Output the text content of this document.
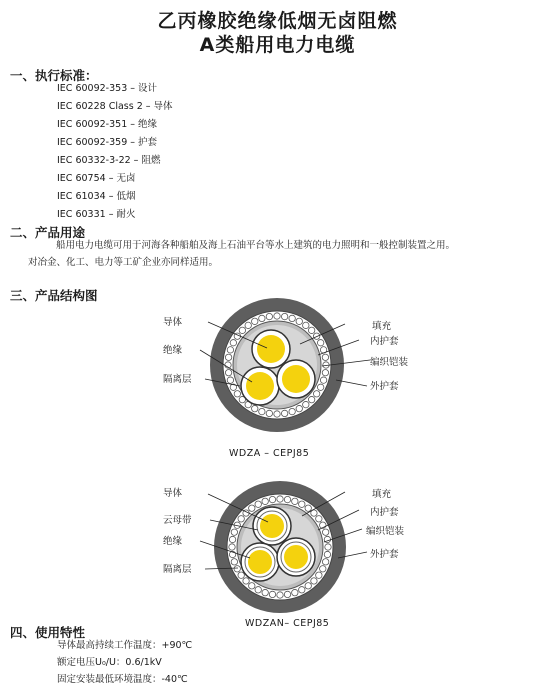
乙丙橡胶绝缘低烟无卤阻燃
A类船用电力电缆
一、执行标准：
IEC 60092-353 – 设计
IEC 60228 Class 2 – 导体
IEC 60092-351 – 绝缘
IEC 60092-359 – 护套
IEC 60332-3-22 – 阻燃
IEC 60754 – 无卤
IEC 61034 – 低烟
IEC 60331 – 耐火
二、产品用途
船用电力电缆可用于河海各种船舶及海上石油平台等水上建筑的电力照明和一般控制装置之用。
对冶金、化工、电力等工矿企业亦同样适用。
三、产品结构图
导体
绝缘
隔离层
填充
内护套
编织铠装
外护套
WDZA – CEPJ85
导体
云母带
绝缘
隔离层
填充
内护套
编织铠装
外护套
WDZAN– CEPJ85
四、使用特性
导体最高持续工作温度：+90℃
额定电压U₀/U：0.6/1kV
固定安装最低环境温度：-40℃
